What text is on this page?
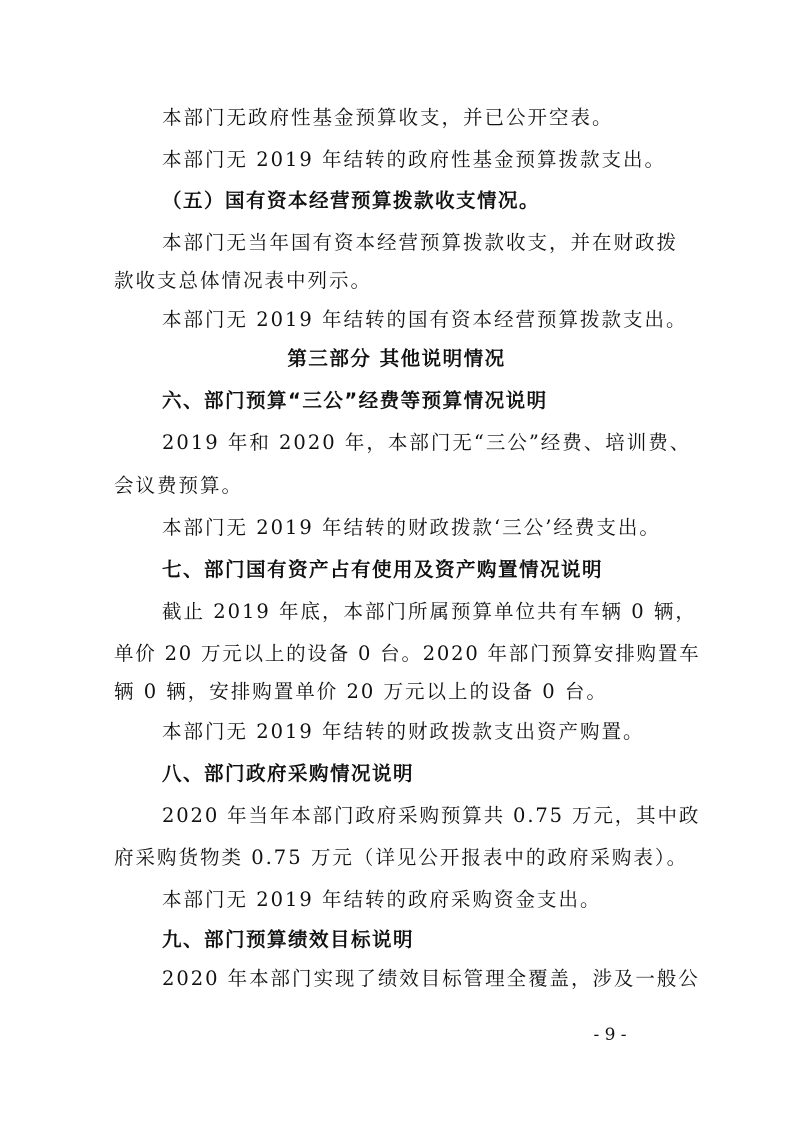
本部门无政府性基金预算收支，并已公开空表。
本部门无 2019 年结转的政府性基金预算拨款支出。
（五）国有资本经营预算拨款收支情况。
本部门无当年国有资本经营预算拨款收支，并在财政拨
款收支总体情况表中列示。
本部门无 2019 年结转的国有资本经营预算拨款支出。
第三部分 其他说明情况
六、部门预算“三公”经费等预算情况说明
2019 年和 2020 年，本部门无“三公”经费、培训费、
会议费预算。
本部门无 2019 年结转的财政拨款‘三公’经费支出。
七、部门国有资产占有使用及资产购置情况说明
截止 2019 年底，本部门所属预算单位共有车辆 0 辆，
单价 20 万元以上的设备 0 台。2020 年部门预算安排购置车
辆 0 辆，安排购置单价 20 万元以上的设备 0 台。
本部门无 2019 年结转的财政拨款支出资产购置。
八、部门政府采购情况说明
2020 年当年本部门政府采购预算共 0.75 万元，其中政
府采购货物类 0.75 万元（详见公开报表中的政府采购表）。
本部门无 2019 年结转的政府采购资金支出。
九、部门预算绩效目标说明
2020 年本部门实现了绩效目标管理全覆盖，涉及一般公
- 9 -
